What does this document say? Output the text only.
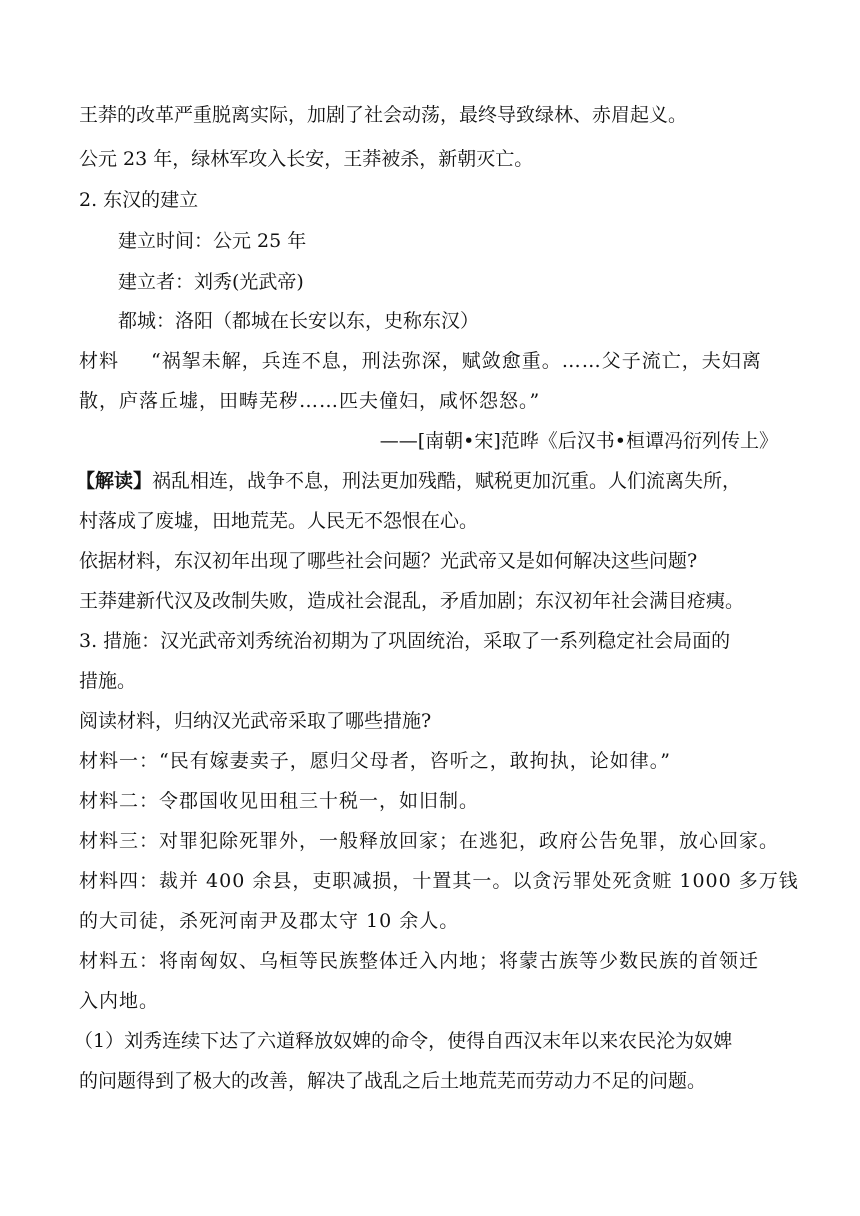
王莽的改革严重脱离实际，加剧了社会动荡，最终导致绿林、赤眉起义。
公元 23 年，绿林军攻入长安，王莽被杀，新朝灭亡。
2. 东汉的建立
建立时间：公元 25 年
建立者：刘秀(光武帝)
都城：洛阳（都城在长安以东，史称东汉）
材料 “祸挐未解，兵连不息，刑法弥深，赋敛愈重。……父子流亡，夫妇离
散，庐落丘墟，田畴芜秽……匹夫僮妇，咸怀怨怒。”
——[南朝•宋]范晔《后汉书•桓谭冯衍列传上》
【解读】祸乱相连，战争不息，刑法更加残酷，赋税更加沉重。人们流离失所，
村落成了废墟，田地荒芜。人民无不怨恨在心。
依据材料，东汉初年出现了哪些社会问题？光武帝又是如何解决这些问题?
王莽建新代汉及改制失败，造成社会混乱，矛盾加剧；东汉初年社会满目疮痍。
3. 措施：汉光武帝刘秀统治初期为了巩固统治，采取了一系列稳定社会局面的
措施。
阅读材料，归纳汉光武帝采取了哪些措施?
材料一：“民有嫁妻卖子，愿归父母者，咨听之，敢拘执，论如律。”
材料二：令郡国收见田租三十税一，如旧制。
材料三：对罪犯除死罪外，一般释放回家；在逃犯，政府公告免罪，放心回家。
材料四：裁并 400 余县，吏职减损，十置其一。以贪污罪处死贪赃 1000 多万钱
的大司徒，杀死河南尹及郡太守 10 余人。
材料五：将南匈奴、乌桓等民族整体迁入内地；将蒙古族等少数民族的首领迁
入内地。
（1）刘秀连续下达了六道释放奴婢的命令，使得自西汉末年以来农民沦为奴婢
的问题得到了极大的改善，解决了战乱之后土地荒芜而劳动力不足的问题。
